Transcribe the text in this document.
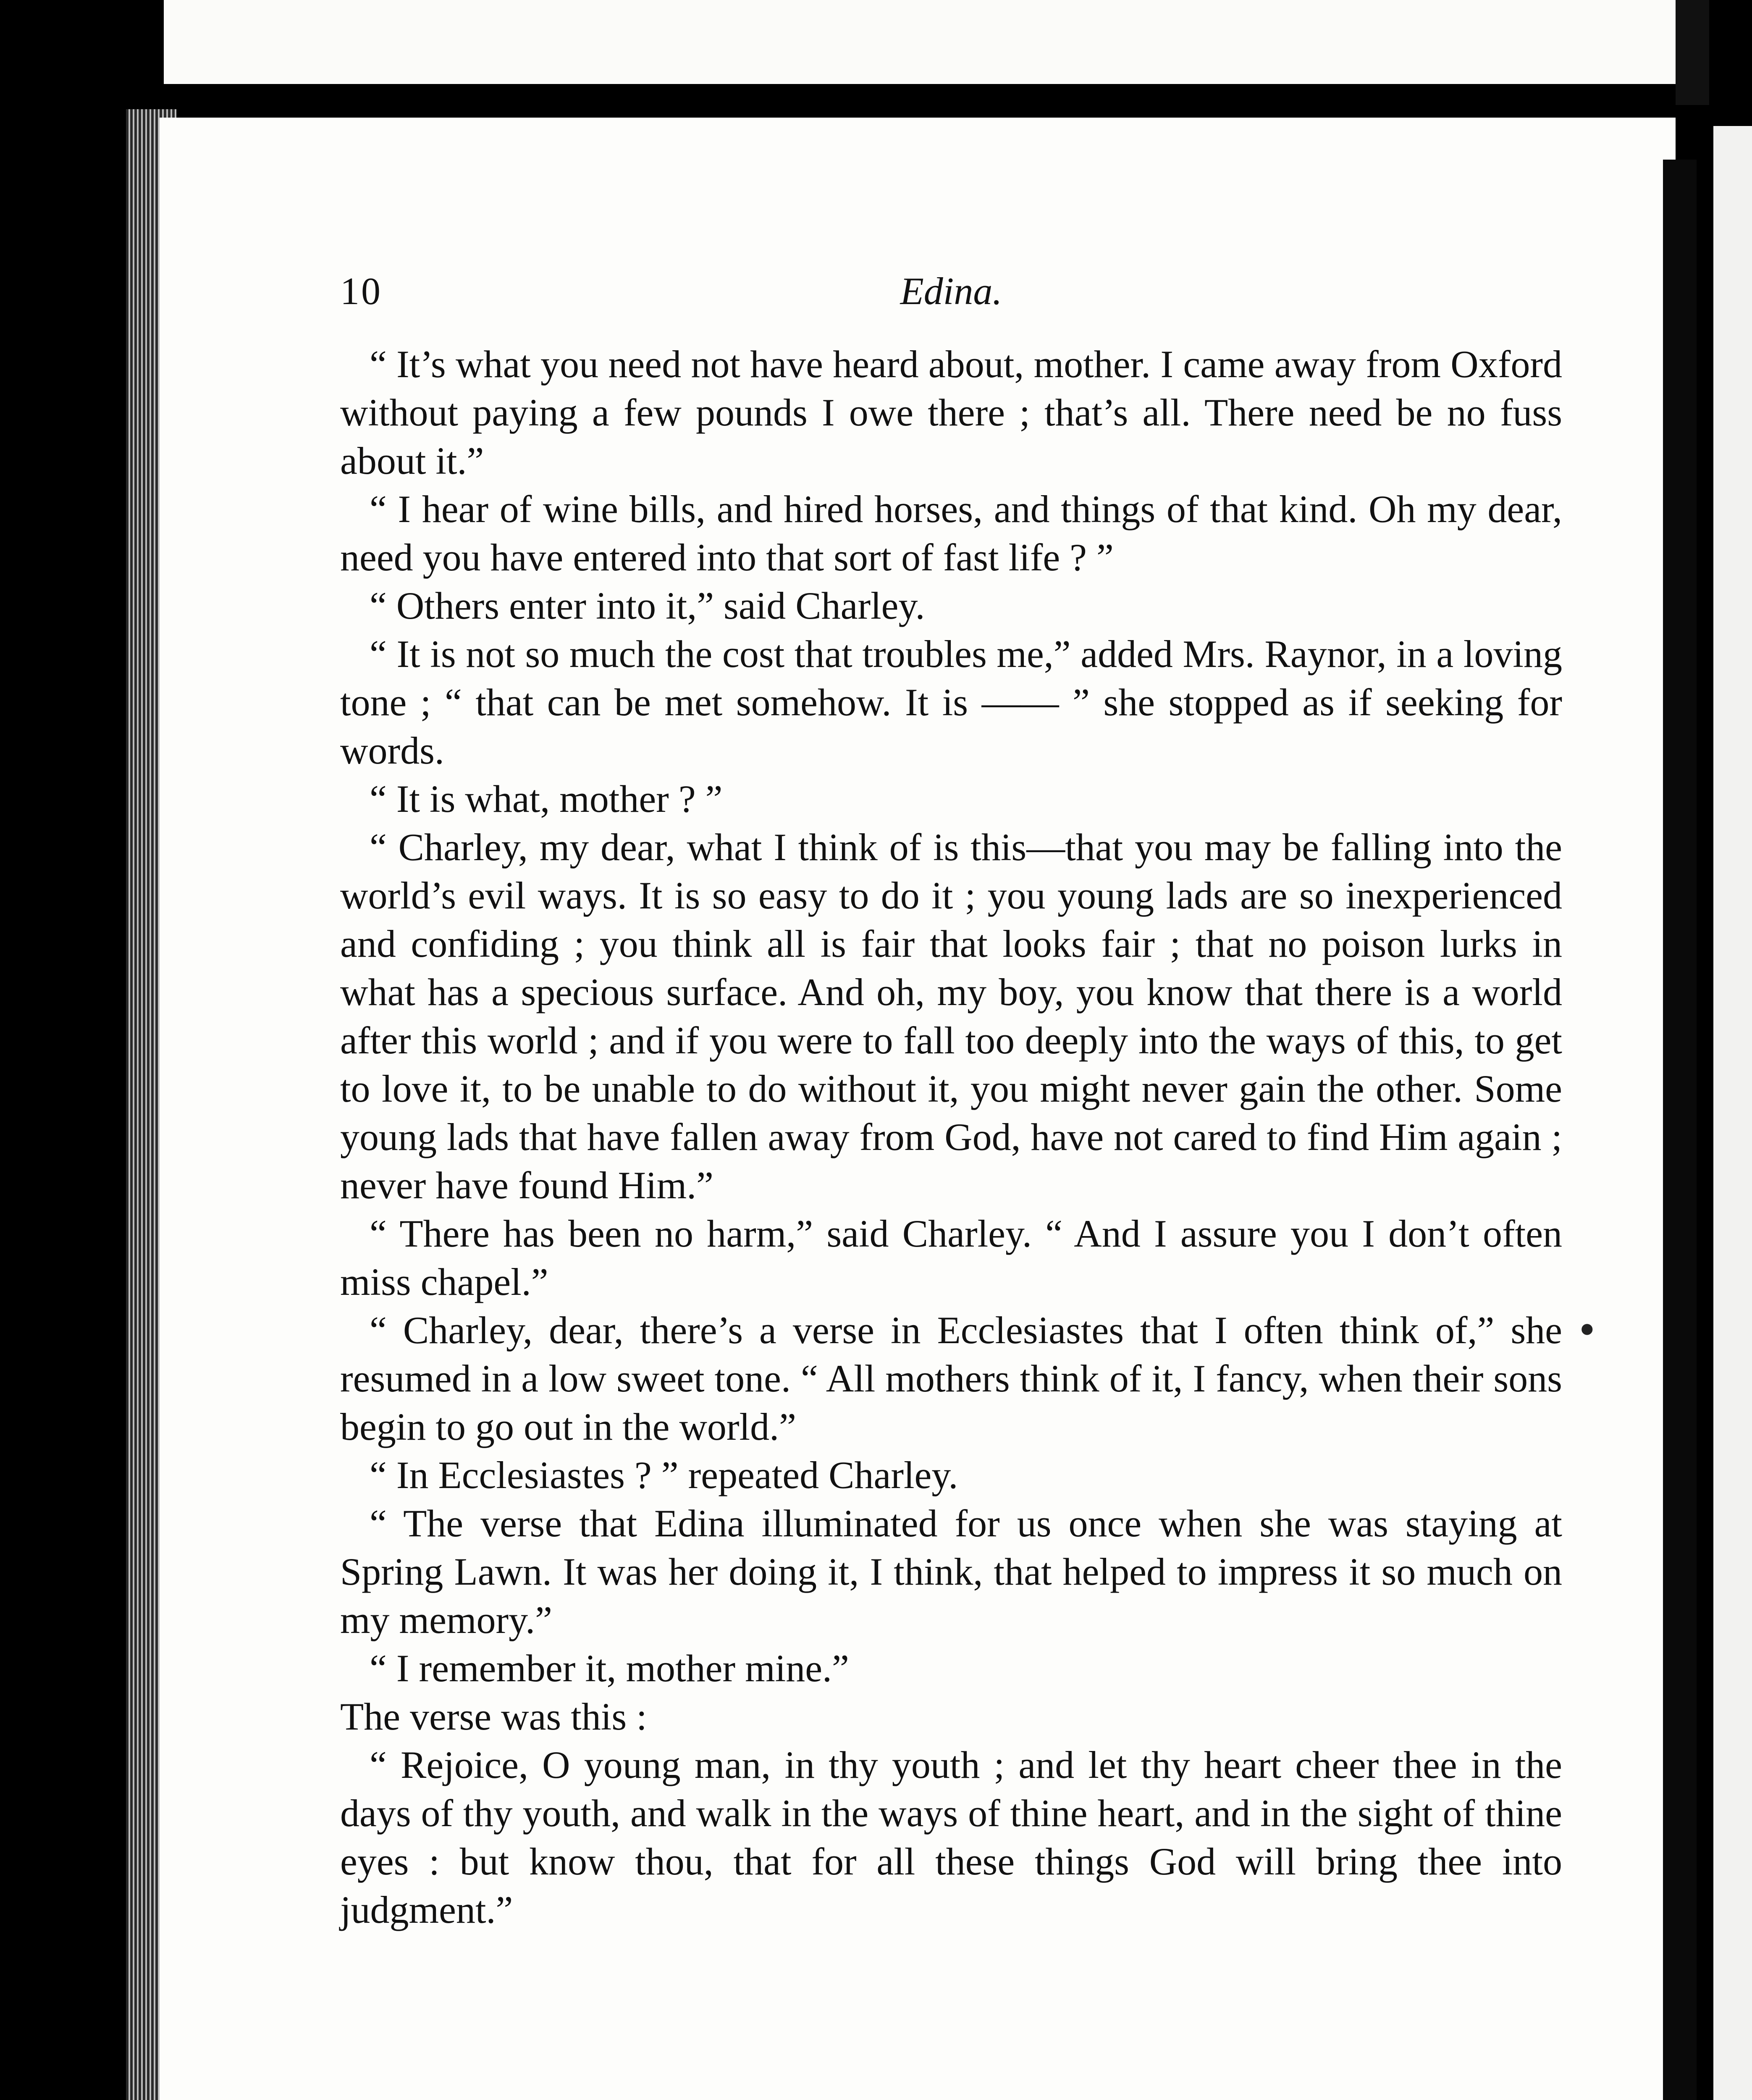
•
10	Edina.

“ It’s what you need not have heard about, mother. I came away from Oxford without paying a few pounds I owe there ; that’s all. There need be no fuss about it.”

“ I hear of wine bills, and hired horses, and things of that kind. Oh my dear, need you have entered into that sort of fast life ? ”

“ Others enter into it,” said Charley.

“ It is not so much the cost that troubles me,” added Mrs. Raynor, in a loving tone ; “ that can be met somehow. It is —— ” she stopped as if seeking for words.

“ It is what, mother ? ”

“ Charley, my dear, what I think of is this—that you may be falling into the world’s evil ways. It is so easy to do it ; you young lads are so inexperienced and confiding ; you think all is fair that looks fair ; that no poison lurks in what has a specious surface. And oh, my boy, you know that there is a world after this world ; and if you were to fall too deeply into the ways of this, to get to love it, to be unable to do without it, you might never gain the other. Some young lads that have fallen away from God, have not cared to find Him again ; never have found Him.”

“ There has been no harm,” said Charley. “ And I assure you I don’t often miss chapel.”

“ Charley, dear, there’s a verse in Ecclesiastes that I often think of,” she resumed in a low sweet tone. “ All mothers think of it, I fancy, when their sons begin to go out in the world.”

“ In Ecclesiastes ? ” repeated Charley.

“ The verse that Edina illuminated for us once when she was staying at Spring Lawn. It was her doing it, I think, that helped to impress it so much on my memory.”

“ I remember it, mother mine.”

The verse was this :

“ Rejoice, O young man, in thy youth ; and let thy heart cheer thee in the days of thy youth, and walk in the ways of thine heart, and in the sight of thine eyes : but know thou, that for all these things God will bring thee into judgment.”
